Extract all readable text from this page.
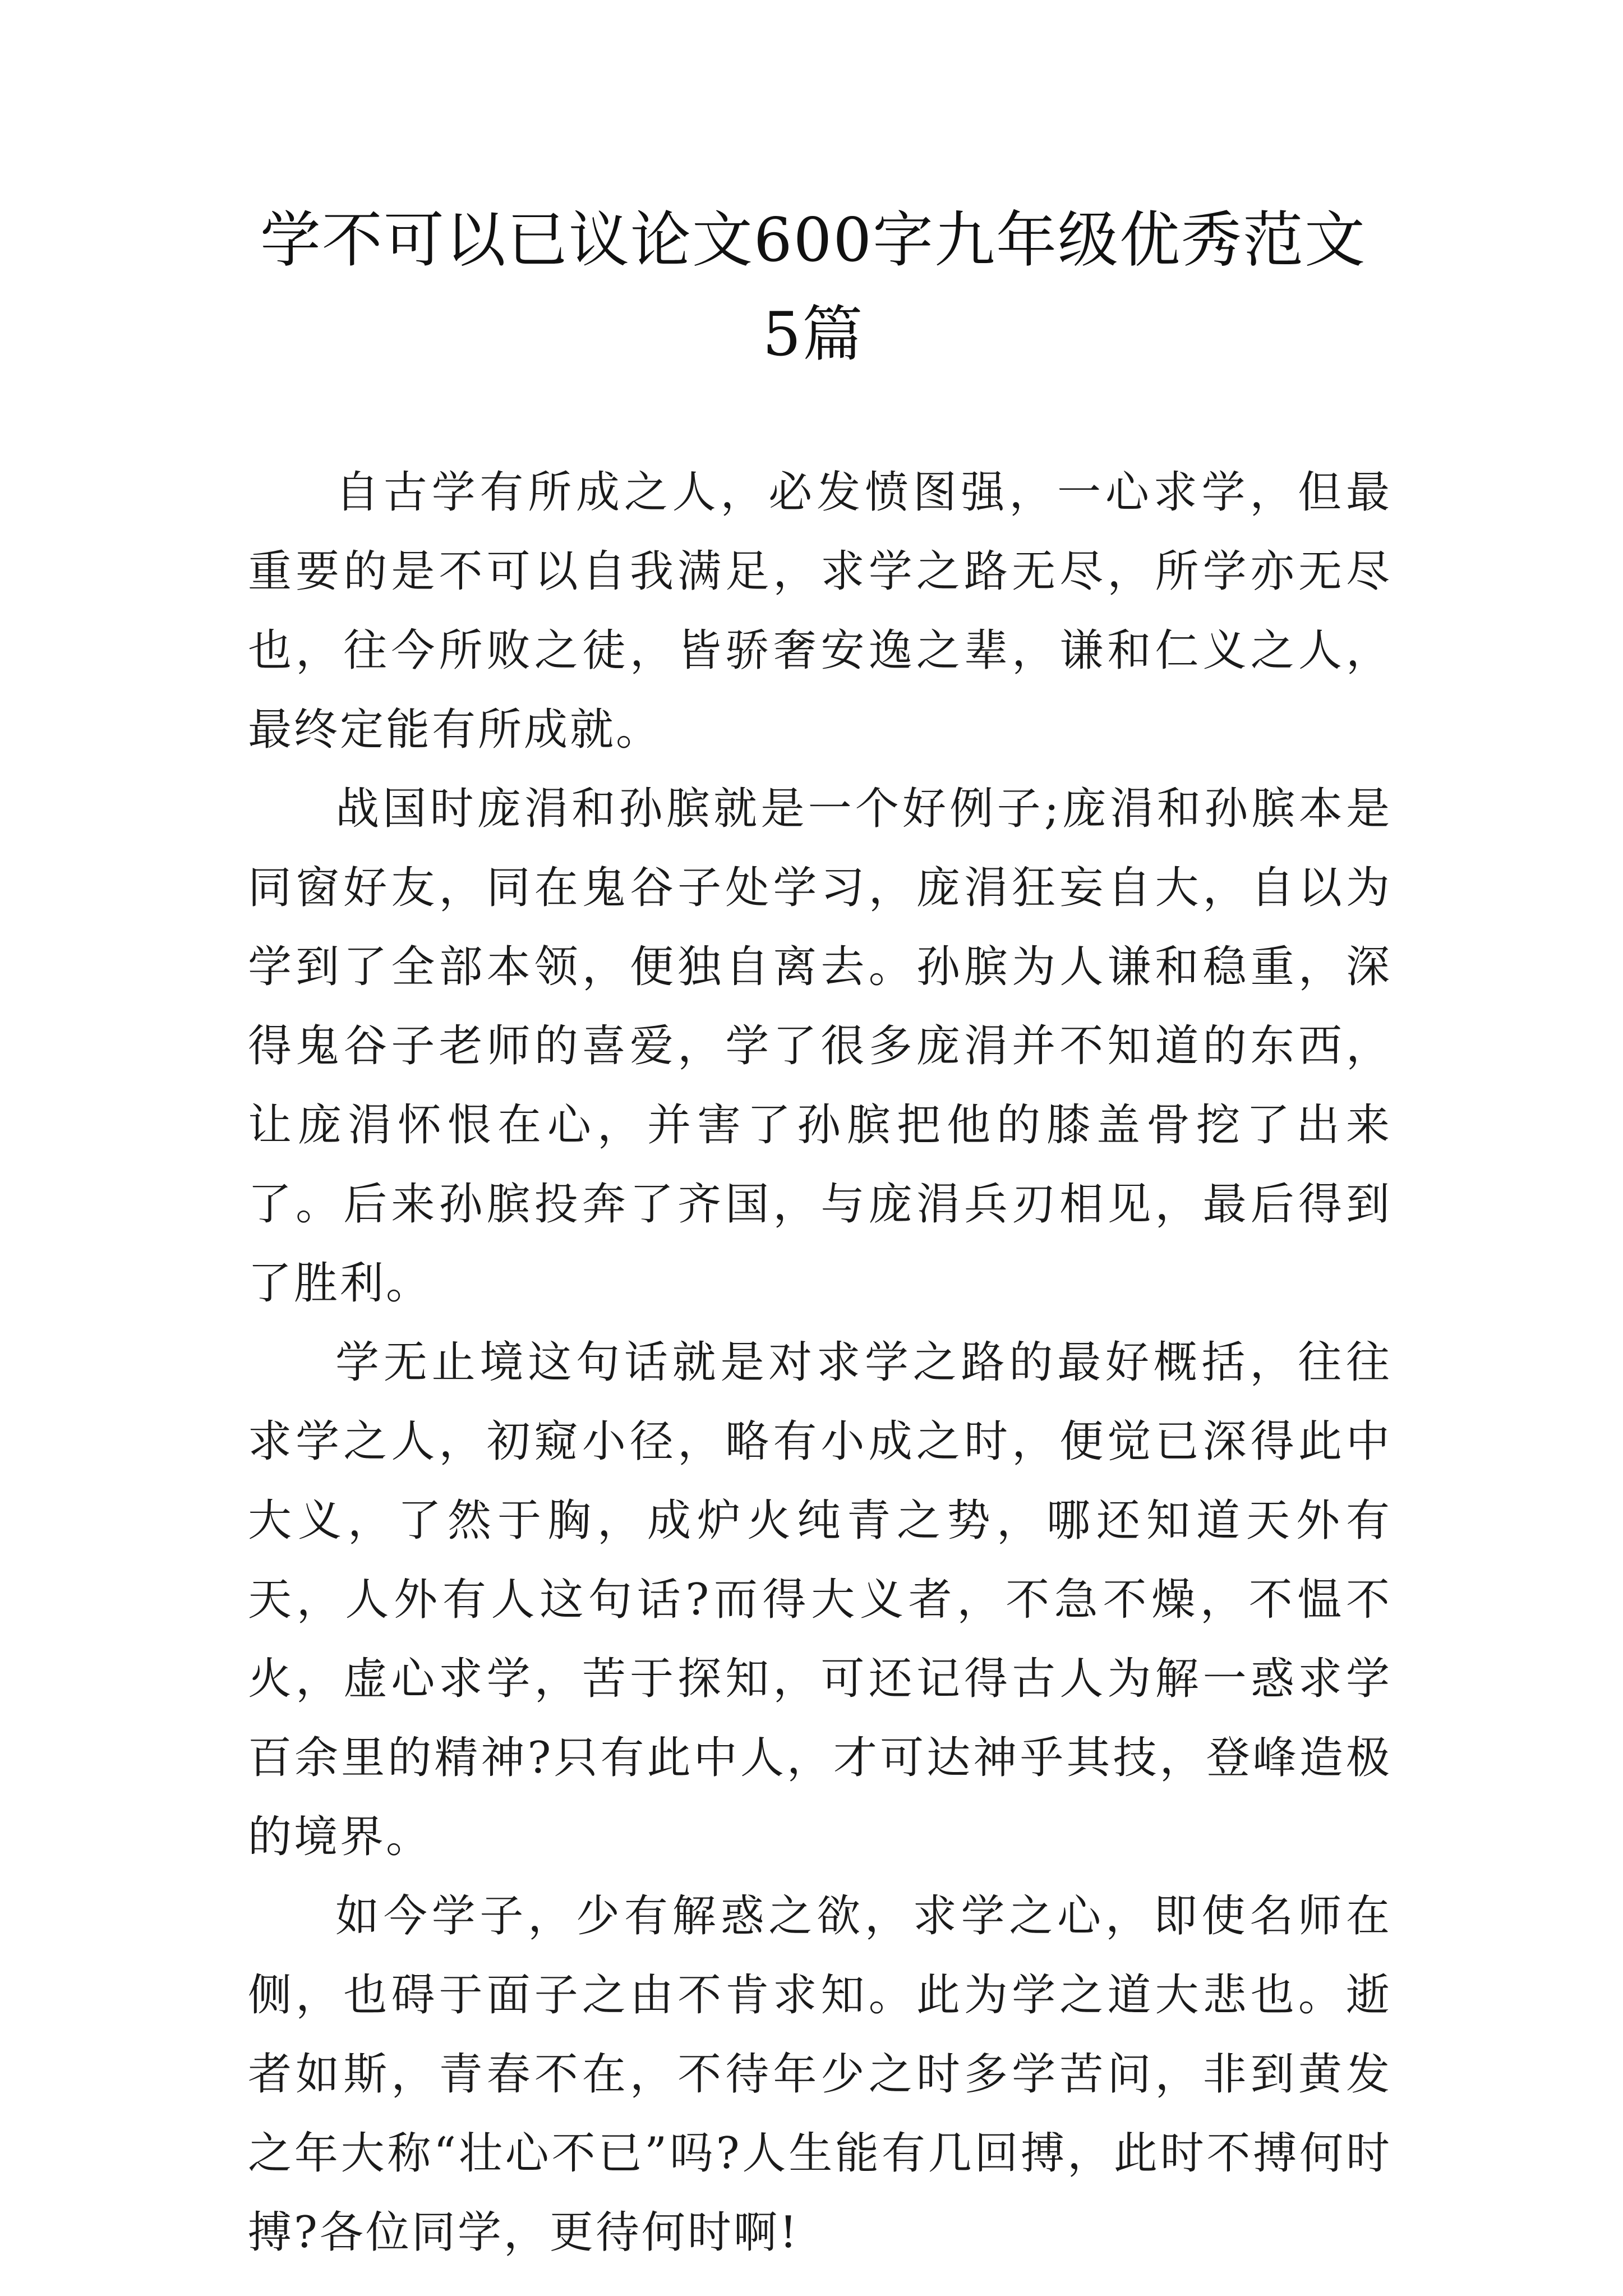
学不可以已议论文600字九年级优秀范文5篇

自古学有所成之人，必发愤图强，一心求学，但最重要的是不可以自我满足，求学之路无尽，所学亦无尽也，往今所败之徒，皆骄奢安逸之辈，谦和仁义之人，最终定能有所成就。

战国时庞涓和孙膑就是一个好例子;庞涓和孙膑本是同窗好友，同在鬼谷子处学习，庞涓狂妄自大，自以为学到了全部本领，便独自离去。孙膑为人谦和稳重，深得鬼谷子老师的喜爱，学了很多庞涓并不知道的东西，让庞涓怀恨在心，并害了孙膑把他的膝盖骨挖了出来了。后来孙膑投奔了齐国，与庞涓兵刃相见，最后得到了胜利。

学无止境这句话就是对求学之路的最好概括，往往求学之人，初窥小径，略有小成之时，便觉已深得此中大义，了然于胸，成炉火纯青之势，哪还知道天外有天，人外有人这句话?而得大义者，不急不燥，不愠不火，虚心求学，苦于探知，可还记得古人为解一惑求学百余里的精神?只有此中人，才可达神乎其技，登峰造极的境界。

如今学子，少有解惑之欲，求学之心，即使名师在侧，也碍于面子之由不肯求知。此为学之道大悲也。逝者如斯，青春不在，不待年少之时多学苦问，非到黄发之年大称“壮心不已”吗?人生能有几回搏，此时不搏何时搏?各位同学，更待何时啊!
